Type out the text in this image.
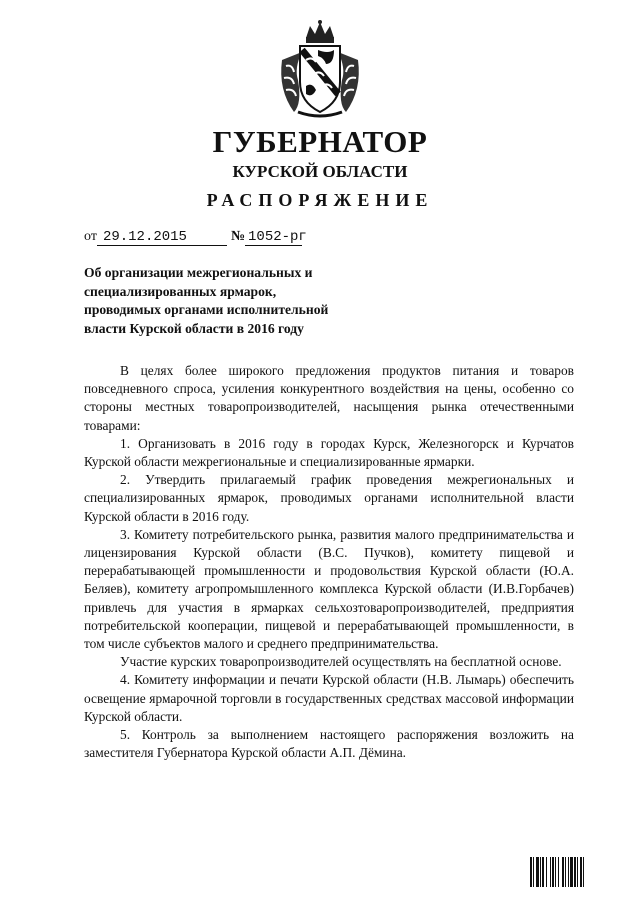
ГУБЕРНАТОР
КУРСКОЙ ОБЛАСТИ
РАСПОРЯЖЕНИЕ
от 29.12.2015	№ 1052-рг
Об организации межрегиональных и
специализированных ярмарок,
проводимых органами исполнительной
власти Курской области в 2016 году

В целях более широкого предложения продуктов питания и товаров повседневного спроса, усиления конкурентного воздействия на цены, особенно со стороны местных товаропроизводителей, насыщения рынка отечественными товарами:

1. Организовать в 2016 году в городах Курск, Железногорск и Курчатов Курской области межрегиональные и специализированные ярмарки.

2. Утвердить прилагаемый график проведения межрегиональных и специализированных ярмарок, проводимых органами исполнительной власти Курской области в 2016 году.

3. Комитету потребительского рынка, развития малого предпринимательства и лицензирования Курской области (В.С. Пучков), комитету пищевой и перерабатывающей промышленности и продовольствия Курской области (Ю.А. Беляев), комитету агропромышленного комплекса Курской области (И.В.Горбачев) привлечь для участия в ярмарках сельхозтоваропроизводителей, предприятия потребительской кооперации, пищевой и перерабатывающей промышленности, в том числе субъектов малого и среднего предпринимательства.

Участие курских товаропроизводителей осуществлять на бесплатной основе.

4. Комитету информации и печати Курской области (Н.В. Лымарь) обеспечить освещение ярмарочной торговли в государственных средствах массовой информации Курской области.

5. Контроль за выполнением настоящего распоряжения возложить на заместителя Губернатора Курской области А.П. Дёмина.
